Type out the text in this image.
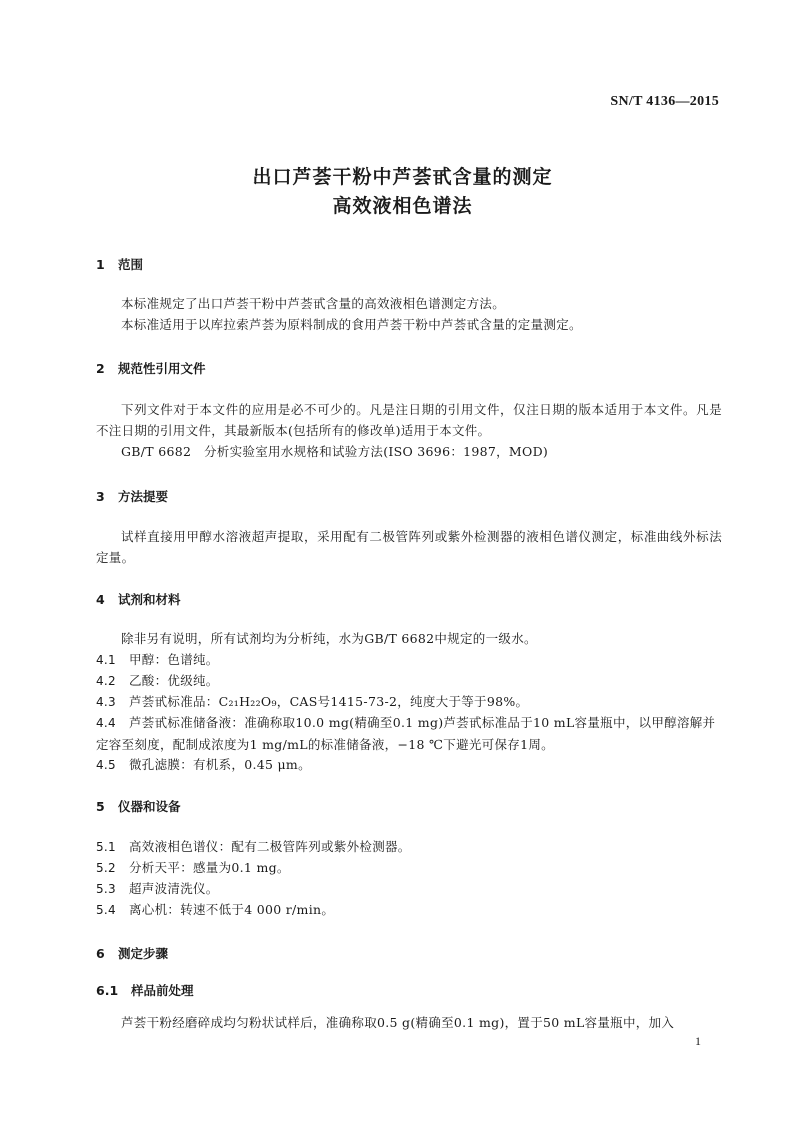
SN/T 4136—2015
出口芦荟干粉中芦荟甙含量的测定
高效液相色谱法
1 范围
本标准规定了出口芦荟干粉中芦荟甙含量的高效液相色谱测定方法。
本标准适用于以库拉索芦荟为原料制成的食用芦荟干粉中芦荟甙含量的定量测定。
2 规范性引用文件
下列文件对于本文件的应用是必不可少的。凡是注日期的引用文件，仅注日期的版本适用于本文件。凡是不注日期的引用文件，其最新版本(包括所有的修改单)适用于本文件。
GB/T 6682　分析实验室用水规格和试验方法(ISO 3696：1987，MOD)
3 方法提要
试样直接用甲醇水溶液超声提取，采用配有二极管阵列或紫外检测器的液相色谱仪测定，标准曲线外标法定量。
4 试剂和材料
除非另有说明，所有试剂均为分析纯，水为GB/T 6682中规定的一级水。
4.1 甲醇：色谱纯。
4.2 乙酸：优级纯。
4.3 芦荟甙标准品：C₂₁H₂₂O₉，CAS号1415-73-2，纯度大于等于98%。
4.4 芦荟甙标准储备液：准确称取10.0 mg(精确至0.1 mg)芦荟甙标准品于10 mL容量瓶中，以甲醇溶解并定容至刻度，配制成浓度为1 mg/mL的标准储备液，−18 ℃下避光可保存1周。
4.5 微孔滤膜：有机系，0.45 μm。
5 仪器和设备
5.1 高效液相色谱仪：配有二极管阵列或紫外检测器。
5.2 分析天平：感量为0.1 mg。
5.3 超声波清洗仪。
5.4 离心机：转速不低于4 000 r/min。
6 测定步骤
6.1 样品前处理
芦荟干粉经磨碎成均匀粉状试样后，准确称取0.5 g(精确至0.1 mg)，置于50 mL容量瓶中，加入
1
